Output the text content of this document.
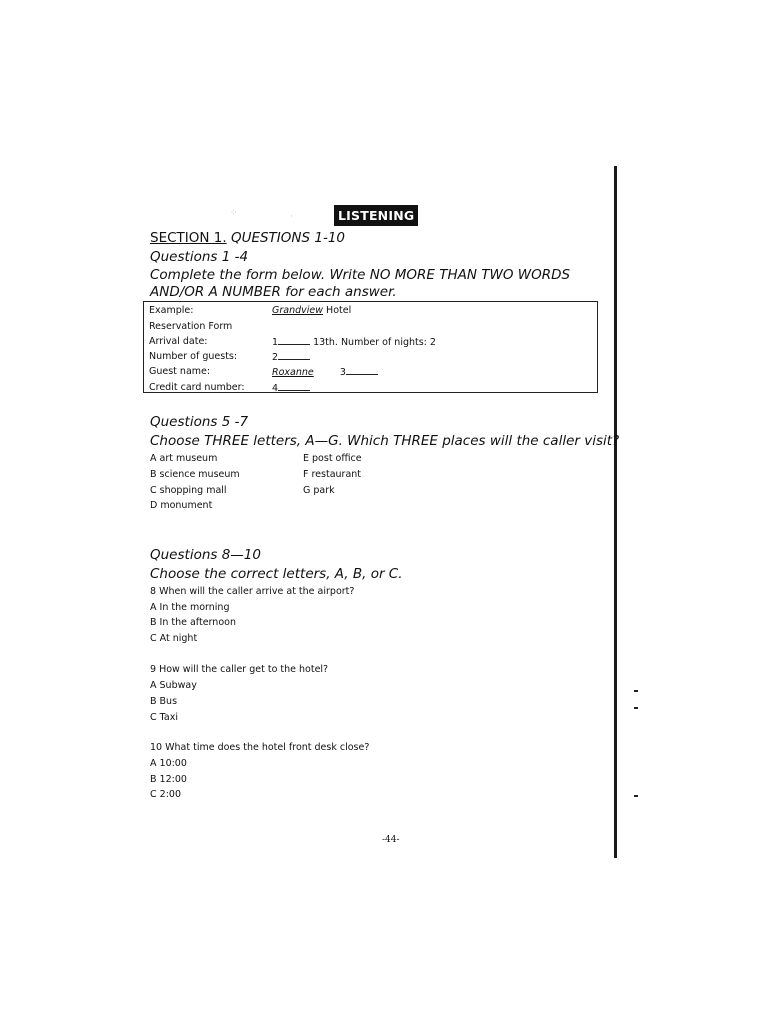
⁘	·	LISTENING
SECTION 1. QUESTIONS 1-10
Questions 1 -4
Complete the form below. Write NO MORE THAN TWO WORDS AND/OR A NUMBER for each answer.
Example:	Grandview Hotel
Reservation Form
Arrival date:	1	13th. Number of nights: 2
Number of guests:	2
Guest name:	Roxanne	3
Credit card number:	4
Questions 5 -7
Choose THREE letters, A—G. Which THREE places will the caller visit?
A art museum
B science museum
C shopping mall
D monument
E post office
F restaurant
G park
Questions 8—10
Choose the correct letters, A, B, or C.
8 When will the caller arrive at the airport?
A In the morning
B In the afternoon
C At night
9 How will the caller get to the hotel?
A Subway
B Bus
C Taxi
10 What time does the hotel front desk close?
A 10:00
B 12:00
C 2:00
-44-
